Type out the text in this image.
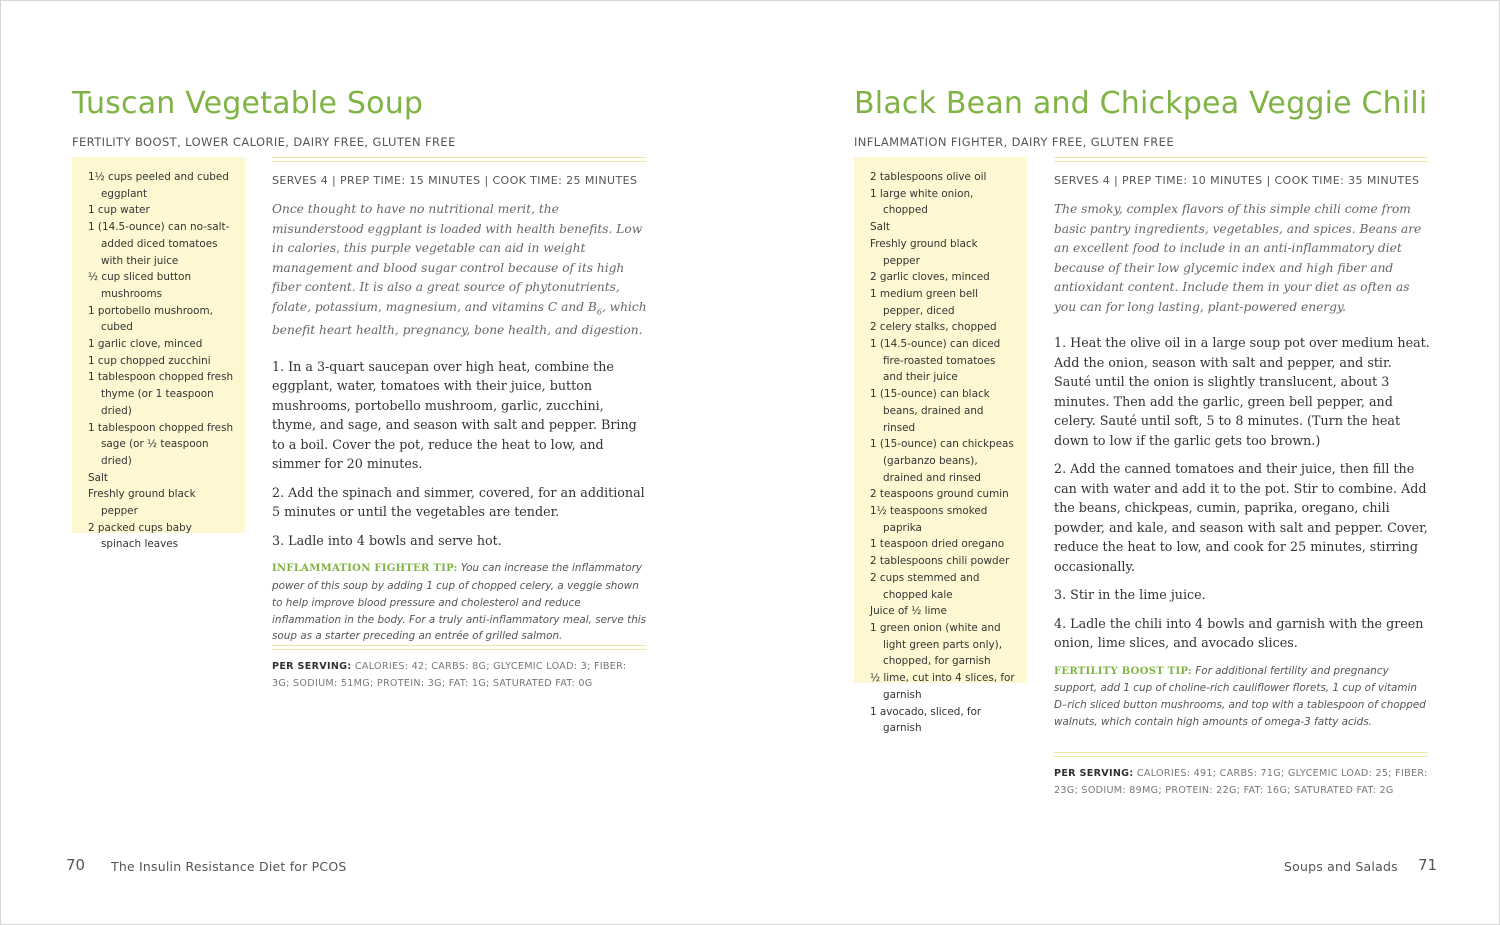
Tuscan Vegetable Soup

FERTILITY BOOST, LOWER CALORIE, DAIRY FREE, GLUTEN FREE

1½ cups peeled and cubed eggplant
1 cup water
1 (14.5-ounce) can no-salt-added diced tomatoes with their juice
½ cup sliced button mushrooms
1 portobello mushroom, cubed
1 garlic clove, minced
1 cup chopped zucchini
1 tablespoon chopped fresh thyme (or 1 teaspoon dried)
1 tablespoon chopped fresh sage (or ½ teaspoon dried)
Salt
Freshly ground black pepper
2 packed cups baby spinach leaves

SERVES 4 | PREP TIME: 15 MINUTES | COOK TIME: 25 MINUTES

Once thought to have no nutritional merit, the misunderstood eggplant is loaded with health benefits. Low in calories, this purple vegetable can aid in weight management and blood sugar control because of its high fiber content. It is also a great source of phytonutrients, folate, potassium, magnesium, and vitamins C and $B_6$, which benefit heart health, pregnancy, bone health, and digestion.

1. In a 3-quart saucepan over high heat, combine the eggplant, water, tomatoes with their juice, button mushrooms, portobello mushroom, garlic, zucchini, thyme, and sage, and season with salt and pepper. Bring to a boil. Cover the pot, reduce the heat to low, and simmer for 20 minutes.

2. Add the spinach and simmer, covered, for an additional 5 minutes or until the vegetables are tender.

3. Ladle into 4 bowls and serve hot.

INFLAMMATION FIGHTER TIP: You can increase the inflammatory power of this soup by adding 1 cup of chopped celery, a veggie shown to help improve blood pressure and cholesterol and reduce inflammation in the body. For a truly anti-inflammatory meal, serve this soup as a starter preceding an entrée of grilled salmon.

PER SERVING: CALORIES: 42; CARBS: 8G; GLYCEMIC LOAD: 3; FIBER: 3G; SODIUM: 51MG; PROTEIN: 3G; FAT: 1G; SATURATED FAT: 0G

70 The Insulin Resistance Diet for PCOS
Black Bean and Chickpea Veggie Chili

INFLAMMATION FIGHTER, DAIRY FREE, GLUTEN FREE

2 tablespoons olive oil
1 large white onion, chopped
Salt
Freshly ground black pepper
2 garlic cloves, minced
1 medium green bell pepper, diced
2 celery stalks, chopped
1 (14.5-ounce) can diced fire-roasted tomatoes and their juice
1 (15-ounce) can black beans, drained and rinsed
1 (15-ounce) can chickpeas (garbanzo beans), drained and rinsed
2 teaspoons ground cumin
1½ teaspoons smoked paprika
1 teaspoon dried oregano
2 tablespoons chili powder
2 cups stemmed and chopped kale
Juice of ½ lime
1 green onion (white and light green parts only), chopped, for garnish
½ lime, cut into 4 slices, for garnish
1 avocado, sliced, for garnish

SERVES 4 | PREP TIME: 10 MINUTES | COOK TIME: 35 MINUTES

The smoky, complex flavors of this simple chili come from basic pantry ingredients, vegetables, and spices. Beans are an excellent food to include in an anti-inflammatory diet because of their low glycemic index and high fiber and antioxidant content. Include them in your diet as often as you can for long lasting, plant-powered energy.

1. Heat the olive oil in a large soup pot over medium heat. Add the onion, season with salt and pepper, and stir. Sauté until the onion is slightly translucent, about 3 minutes. Then add the garlic, green bell pepper, and celery. Sauté until soft, 5 to 8 minutes. (Turn the heat down to low if the garlic gets too brown.)

2. Add the canned tomatoes and their juice, then fill the can with water and add it to the pot. Stir to combine. Add the beans, chickpeas, cumin, paprika, oregano, chili powder, and kale, and season with salt and pepper. Cover, reduce the heat to low, and cook for 25 minutes, stirring occasionally.

3. Stir in the lime juice.

4. Ladle the chili into 4 bowls and garnish with the green onion, lime slices, and avocado slices.

FERTILITY BOOST TIP: For additional fertility and pregnancy support, add 1 cup of choline-rich cauliflower florets, 1 cup of vitamin D–rich sliced button mushrooms, and top with a tablespoon of chopped walnuts, which contain high amounts of omega-3 fatty acids.

PER SERVING: CALORIES: 491; CARBS: 71G; GLYCEMIC LOAD: 25; FIBER: 23G; SODIUM: 89MG; PROTEIN: 22G; FAT: 16G; SATURATED FAT: 2G

Soups and Salads 71
